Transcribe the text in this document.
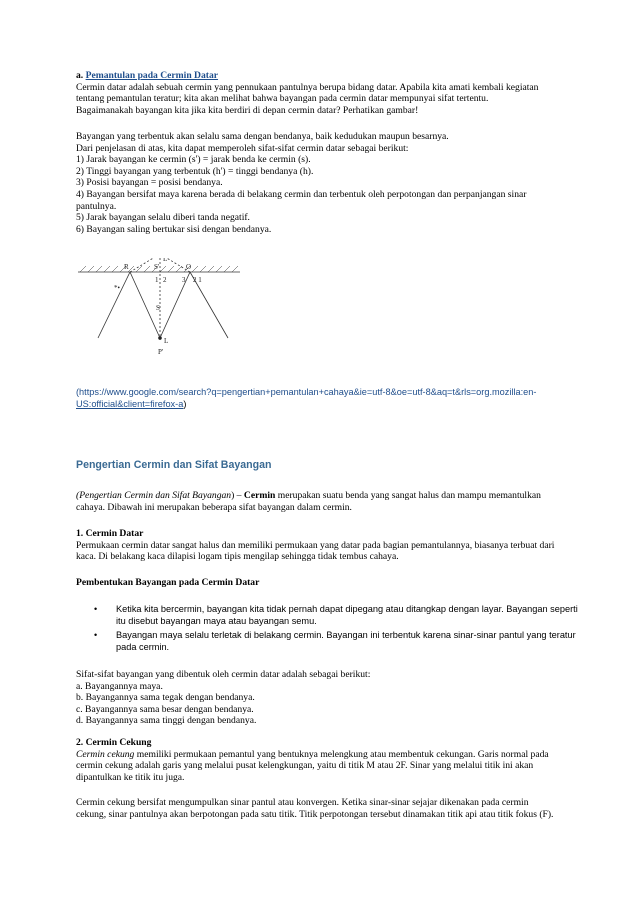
a. Pemantulan pada Cermin Datar
Cermin datar adalah sebuah cermin yang pennukaan pantulnya berupa bidang datar. Apabila kita amati kembali kegiatan
tentang pemantulan teratur; kita akan melihat bahwa bayangan pada cermin datar mempunyai sifat tertentu.
Bagaimanakah bayangan kita jika kita berdiri di depan cermin datar? Perhatikan gambar!
Bayangan yang terbentuk akan selalu sama dengan bendanya, baik kedudukan maupun besarnya.
Dari penjelasan di atas, kita dapat memperoleh sifat-sifat cermin datar sebagai berikut:
1) Jarak bayangan ke cermin (s') = jarak benda ke cermin (s).
2) Tinggi bayangan yang terbentuk (h') = tinggi bendanya (h).
3) Posisi bayangan = posisi bendanya.
4) Bayangan bersifat maya karena berada di belakang cermin dan terbentuk oleh perpotongan dan perpanjangan sinar
pantulnya.
5) Jarak bayangan selalu diberi tanda negatif.
6) Bayangan saling bertukar sisi dengan bendanya.
L'
R	S'	O
1 2 3 2 1
S
L
P'
*•
(https://www.google.com/search?q=pengertian+pemantulan+cahaya&ie=utf-8&oe=utf-8&aq=t&rls=org.mozilla:en-
US:official&client=firefox-a)
Pengertian Cermin dan Sifat Bayangan
(Pengertian Cermin dan Sifat Bayangan) – Cermin merupakan suatu benda yang sangat halus dan mampu memantulkan
cahaya. Dibawah ini merupakan beberapa sifat bayangan dalam cermin.
1. Cermin Datar
Permukaan cermin datar sangat halus dan memiliki permukaan yang datar pada bagian pemantulannya, biasanya terbuat dari
kaca. Di belakang kaca dilapisi logam tipis mengilap sehingga tidak tembus cahaya.
Pembentukan Bayangan pada Cermin Datar
• Ketika kita bercermin, bayangan kita tidak pernah dapat dipegang atau ditangkap dengan layar. Bayangan seperti
itu disebut bayangan maya atau bayangan semu.
• Bayangan maya selalu terletak di belakang cermin. Bayangan ini terbentuk karena sinar-sinar pantul yang teratur
pada cermin.
Sifat-sifat bayangan yang dibentuk oleh cermin datar adalah sebagai berikut:
a. Bayangannya maya.
b. Bayangannya sama tegak dengan bendanya.
c. Bayangannya sama besar dengan bendanya.
d. Bayangannya sama tinggi dengan bendanya.
2. Cermin Cekung
Cermin cekung memiliki permukaan pemantul yang bentuknya melengkung atau membentuk cekungan. Garis normal pada
cermin cekung adalah garis yang melalui pusat kelengkungan, yaitu di titik M atau 2F. Sinar yang melalui titik ini akan
dipantulkan ke titik itu juga.
Cermin cekung bersifat mengumpulkan sinar pantul atau konvergen. Ketika sinar-sinar sejajar dikenakan pada cermin
cekung, sinar pantulnya akan berpotongan pada satu titik. Titik perpotongan tersebut dinamakan titik api atau titik fokus (F).
